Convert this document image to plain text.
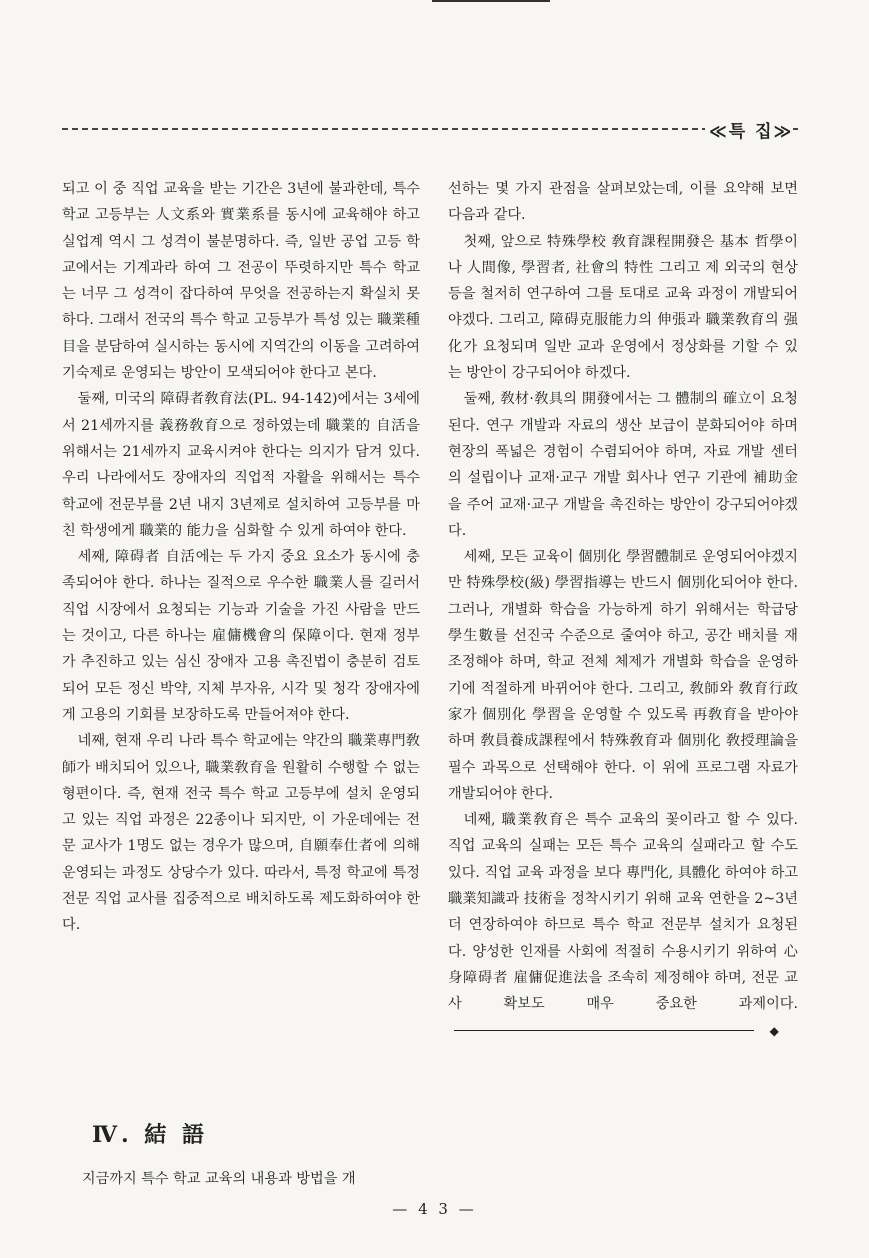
≪특 집≫

되고 이 중 직업 교육을 받는 기간은 3년에 불과한데, 특수 학교 고등부는 人文系와 實業系를 동시에 교육해야 하고 실업계 역시 그 성격이 불분명하다. 즉, 일반 공업 고등 학교에서는 기계과라 하여 그 전공이 뚜렷하지만 특수 학교는 너무 그 성격이 잡다하여 무엇을 전공하는지 확실치 못하다. 그래서 전국의 특수 학교 고등부가 특성 있는 職業種目을 분담하여 실시하는 동시에 지역간의 이동을 고려하여 기숙제로 운영되는 방안이 모색되어야 한다고 본다.

둘째, 미국의 障碍者敎育法(PL. 94-142)에서는 3세에서 21세까지를 義務敎育으로 정하였는데 職業的 自活을 위해서는 21세까지 교육시켜야 한다는 의지가 담겨 있다. 우리 나라에서도 장애자의 직업적 자활을 위해서는 특수 학교에 전문부를 2년 내지 3년제로 설치하여 고등부를 마친 학생에게 職業的 能力을 심화할 수 있게 하여야 한다.

세째, 障碍者 自活에는 두 가지 중요 요소가 동시에 충족되어야 한다. 하나는 질적으로 우수한 職業人를 길러서 직업 시장에서 요청되는 기능과 기술을 가진 사람을 만드는 것이고, 다른 하나는 雇傭機會의 保障이다. 현재 정부가 추진하고 있는 심신 장애자 고용 촉진법이 충분히 검토되어 모든 정신 박약, 지체 부자유, 시각 및 청각 장애자에게 고용의 기회를 보장하도록 만들어져야 한다.

네째, 현재 우리 나라 특수 학교에는 약간의 職業專門敎師가 배치되어 있으나, 職業敎育을 원활히 수행할 수 없는 형편이다. 즉, 현재 전국 특수 학교 고등부에 설치 운영되고 있는 직업 과정은 22종이나 되지만, 이 가운데에는 전문 교사가 1명도 없는 경우가 많으며, 自願奉仕者에 의해 운영되는 과정도 상당수가 있다. 따라서, 특정 학교에 특정 전문 직업 교사를 집중적으로 배치하도록 제도화하여야 한다.

선하는 몇 가지 관점을 살펴보았는데, 이를 요약해 보면 다음과 같다.

첫째, 앞으로 特殊學校 敎育課程開發은 基本 哲學이나 人間像, 學習者, 社會의 特性 그리고 제 외국의 현상 등을 철저히 연구하여 그를 토대로 교육 과정이 개발되어야겠다. 그리고, 障碍克服能力의 伸張과 職業敎育의 强化가 요청되며 일반 교과 운영에서 정상화를 기할 수 있는 방안이 강구되어야 하겠다.

둘째, 敎材·敎具의 開發에서는 그 體制의 確立이 요청된다. 연구 개발과 자료의 생산 보급이 분화되어야 하며 현장의 폭넓은 경험이 수렴되어야 하며, 자료 개발 센터의 설립이나 교재·교구 개발 회사나 연구 기관에 補助金을 주어 교재·교구 개발을 촉진하는 방안이 강구되어야겠다.

세째, 모든 교육이 個別化 學習體制로 운영되어야겠지만 特殊學校(級) 學習指導는 반드시 個別化되어야 한다. 그러나, 개별화 학습을 가능하게 하기 위해서는 학급당 學生數를 선진국 수준으로 줄여야 하고, 공간 배치를 재조정해야 하며, 학교 전체 체제가 개별화 학습을 운영하기에 적절하게 바뀌어야 한다. 그리고, 敎師와 敎育行政家가 個別化 學習을 운영할 수 있도록 再敎育을 받아야 하며 敎員養成課程에서 特殊敎育과 個別化 敎授理論을 필수 과목으로 선택해야 한다. 이 위에 프로그램 자료가 개발되어야 한다.

네째, 職業敎育은 특수 교육의 꽃이라고 할 수 있다. 직업 교육의 실패는 모든 특수 교육의 실패라고 할 수도 있다. 직업 교육 과정을 보다 專門化, 具體化 하여야 하고 職業知識과 技術을 정착시키기 위해 교육 연한을 2~3년 더 연장하여야 하므로 특수 학교 전문부 설치가 요청된다. 양성한 인재를 사회에 적절히 수용시키기 위하여 心身障碍者 雇傭促進法을 조속히 제정해야 하며, 전문 교사 확보도 매우 중요한 과제이다.◆

Ⅳ. 結 語
지금까지 특수 학교 교육의 내용과 방법을 개
— 4 3 —
